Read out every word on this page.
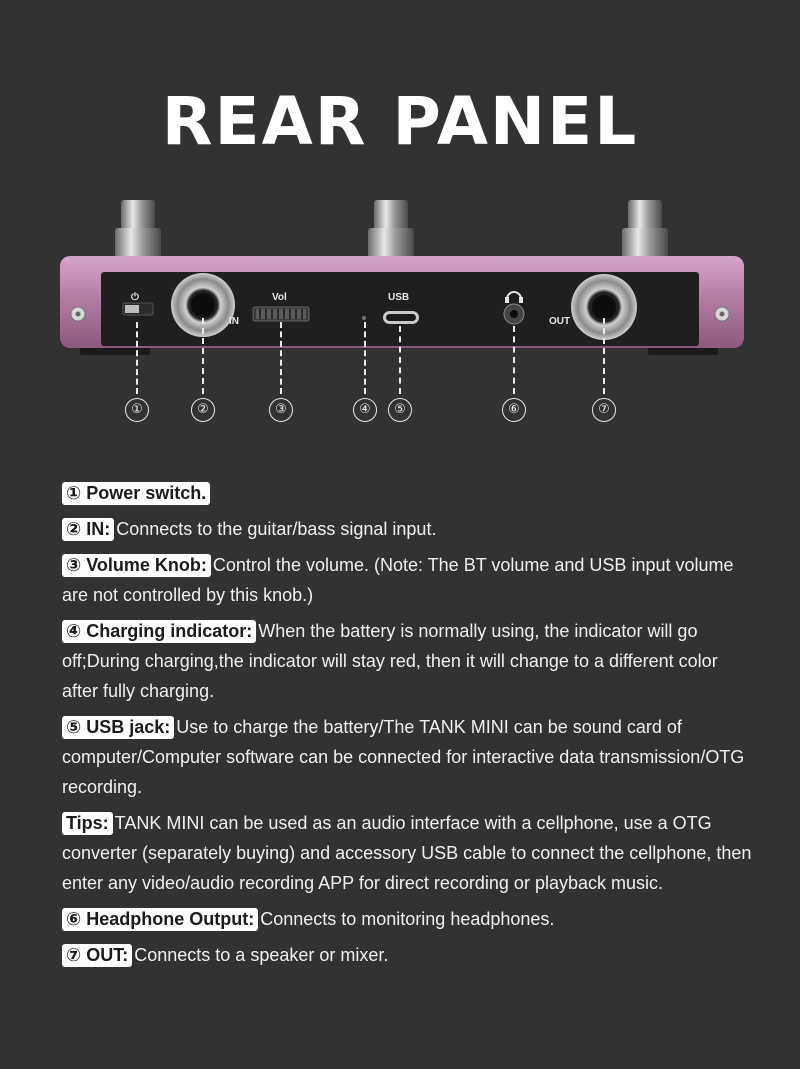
REAR PANEL
⏻
IN
Vol	USB
OUT
①	②	③	④	⑤	⑥	⑦
① Power switch.
② IN: Connects to the guitar/bass signal input.
③ Volume Knob: Control the volume. (Note: The BT volume and USB input volume are not controlled by this knob.)
④ Charging indicator: When the battery is normally using, the indicator will go off;During charging,the indicator will stay red, then it will change to a different color after fully charging.
⑤ USB jack: Use to charge the battery/The TANK MINI can be sound card of computer/Computer software can be connected for interactive data transmission/OTG recording.
Tips: TANK MINI can be used as an audio interface with a cellphone, use a OTG converter (separately buying) and accessory USB cable to connect the cellphone, then enter any video/audio recording APP for direct recording or playback music.
⑥ Headphone Output: Connects to monitoring headphones.
⑦ OUT: Connects to a speaker or mixer.
